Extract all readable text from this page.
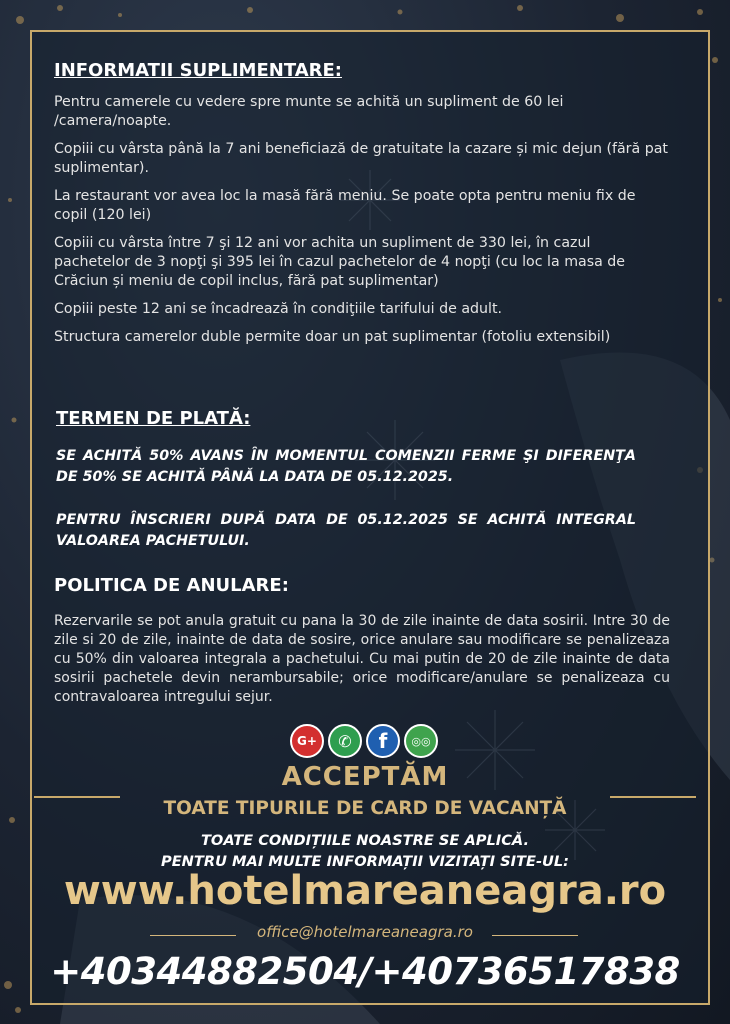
INFORMATII SUPLIMENTARE:

Pentru camerele cu vedere spre munte se achită un supliment de 60 lei /camera/noapte.

Copiii cu vârsta până la 7 ani beneficiază de gratuitate la cazare și mic dejun (fără pat suplimentar).

La restaurant vor avea loc la masă fără meniu. Se poate opta pentru meniu fix de copil (120 lei)

Copiii cu vârsta între 7 şi 12 ani vor achita un supliment de 330 lei, în cazul pachetelor de 3 nopţi şi 395 lei în cazul pachetelor de 4 nopţi (cu loc la masa de Crăciun și meniu de copil inclus, fără pat suplimentar)

Copiii peste 12 ani se încadrează în condiţiile tarifului de adult.

Structura camerelor duble permite doar un pat suplimentar (fotoliu extensibil)

TERMEN DE PLATĂ:
SE ACHITĂ 50% AVANS ÎN MOMENTUL COMENZII FERME ŞI DIFERENŢA DE 50% SE ACHITĂ PÂNĂ LA DATA DE 05.12.2025.
PENTRU ÎNSCRIERI DUPĂ DATA DE 05.12.2025 SE ACHITĂ INTEGRAL VALOAREA PACHETULUI.
POLITICA DE ANULARE:
Rezervarile se pot anula gratuit cu pana la 30 de zile inainte de data sosirii. Intre 30 de zile si 20 de zile, inainte de data de sosire, orice anulare sau modificare se penalizeaza cu 50% din valoarea integrala a pachetului. Cu mai putin de 20 de zile inainte de data sosirii pachetele devin nerambursabile; orice modificare/anulare se penalizeaza cu contravaloarea intregului sejur.
G+	✆	f	◎◎
ACCEPTĂM
TOATE TIPURILE DE CARD DE VACANȚĂ
TOATE CONDIȚIILE NOASTRE SE APLICĂ.
PENTRU MAI MULTE INFORMAȚII VIZITAȚI SITE-UL:
www.hotelmareaneagra.ro
office@hotelmareaneagra.ro
+40344882504/+40736517838
